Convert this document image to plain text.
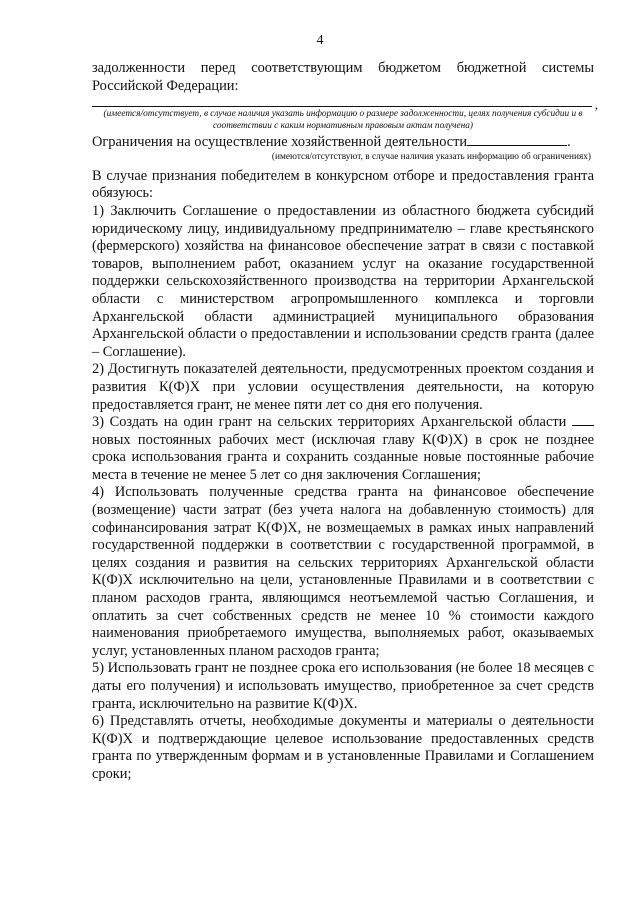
4

задолженности перед соответствующим бюджетом бюджетной системы Российской Федерации:

,
(имеется/отсутствует, в случае наличия указать информацию о размере задолженности, целях получения субсидии и в соответствии с каким нормативным правовым актам получена)
Ограничения на осуществление хозяйственной деятельности	.
(имеются/отсутствуют, в случае наличия указать информацию об ограничениях)

В случае признания победителем в конкурсном отборе и предоставления гранта обязуюсь:

1) Заключить Соглашение о предоставлении из областного бюджета субсидий юридическому лицу, индивидуальному предпринимателю – главе крестьянского (фермерского) хозяйства на финансовое обеспечение затрат в связи с поставкой товаров, выполнением работ, оказанием услуг на оказание государственной поддержки сельскохозяйственного производства на территории Архангельской области с министерством агропромышленного комплекса и торговли Архангельской области администрацией муниципального образования Архангельской области о предоставлении и использовании средств гранта (далее – Соглашение).

2) Достигнуть показателей деятельности, предусмотренных проектом создания и развития К(Ф)Х при условии осуществления деятельности, на которую предоставляется грант, не менее пяти лет со дня его получения.

3) Создать на один грант на сельских территориях Архангельской области  новых постоянных рабочих мест (исключая главу К(Ф)Х) в срок не позднее срока использования гранта и сохранить созданные новые постоянные рабочие места в течение не менее 5 лет со дня заключения Соглашения;

4) Использовать полученные средства гранта на финансовое обеспечение (возмещение) части затрат (без учета налога на добавленную стоимость) для софинансирования затрат К(Ф)Х, не возмещаемых в рамках иных направлений государственной поддержки в соответствии с государственной программой, в целях создания и развития на сельских территориях Архангельской области К(Ф)Х исключительно на цели, установленные Правилами и в соответствии с планом расходов гранта, являющимся неотъемлемой частью Соглашения, и оплатить за счет собственных средств не менее 10 % стоимости каждого наименования приобретаемого имущества, выполняемых работ, оказываемых услуг, установленных планом расходов гранта;

5) Использовать грант не позднее срока его использования (не более 18 месяцев с даты его получения) и использовать имущество, приобретенное за счет средств гранта, исключительно на развитие К(Ф)Х.

6) Представлять отчеты, необходимые документы и материалы о деятельности К(Ф)Х и подтверждающие целевое использование предоставленных средств гранта по утвержденным формам и в установленные Правилами и Соглашением сроки;
